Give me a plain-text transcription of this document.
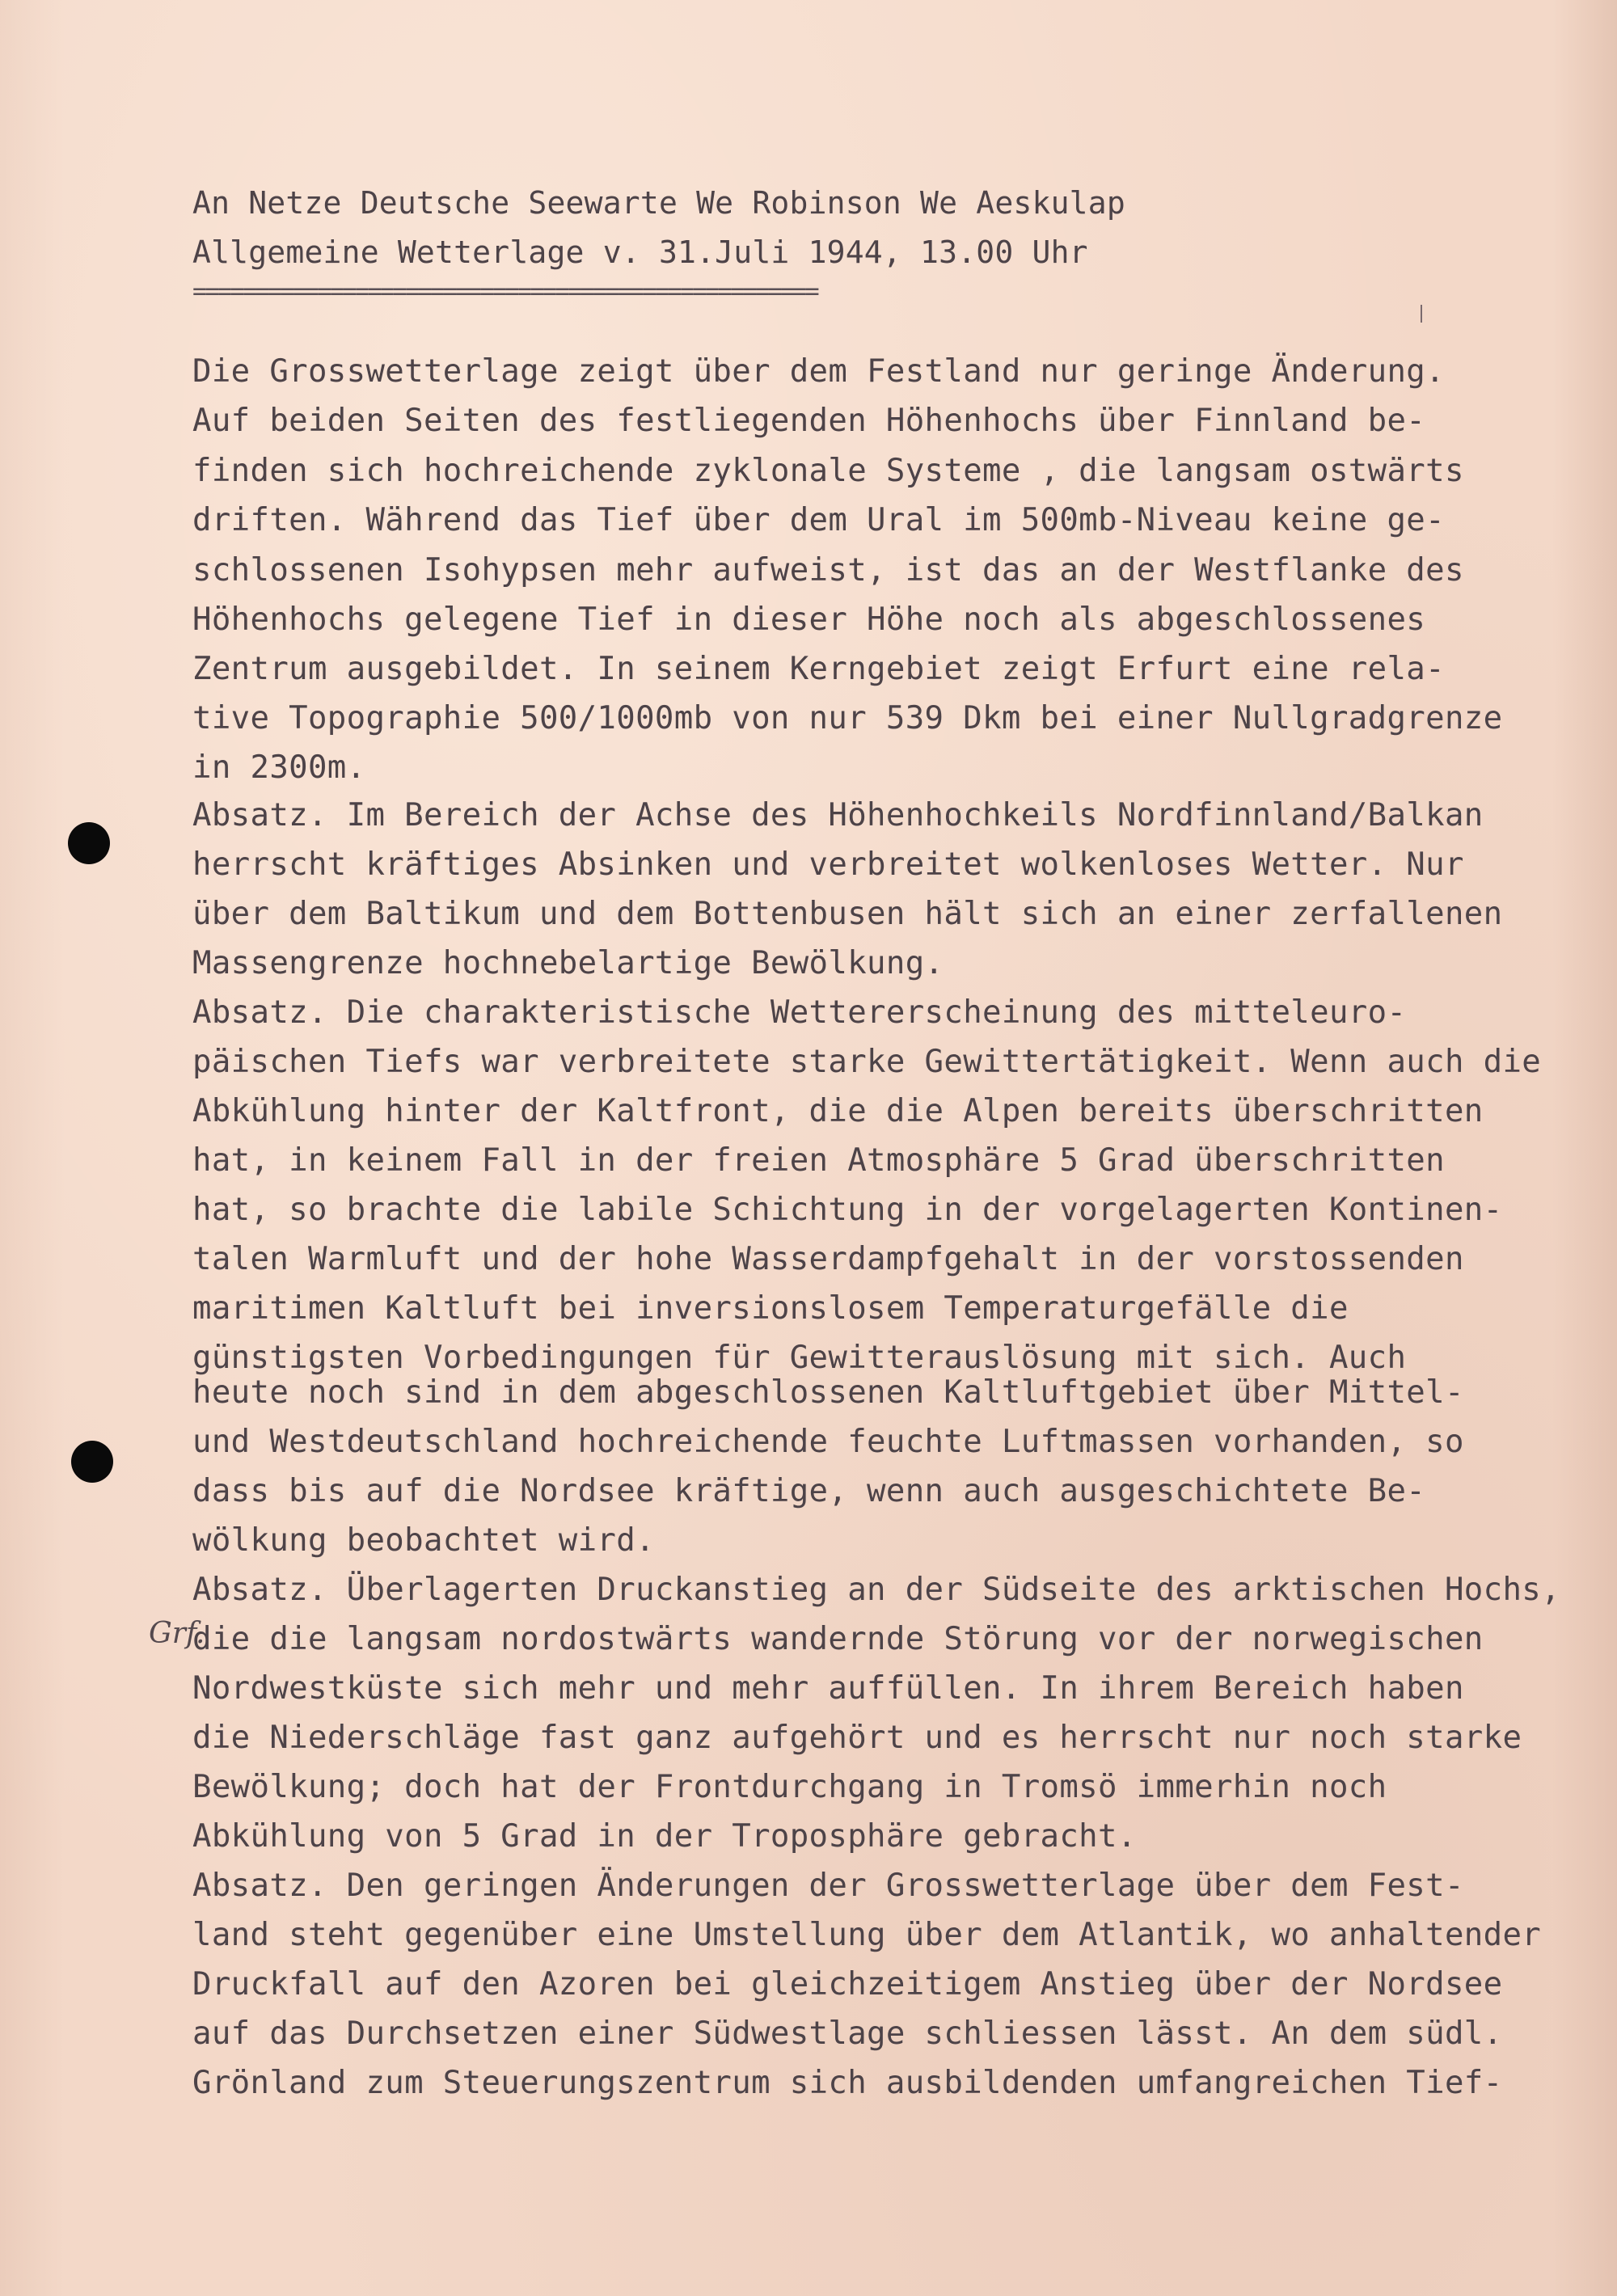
An Netze Deutsche Seewarte We Robinson We Aeskulap
Allgemeine Wetterlage v. 31.Juli 1944, 13.00 Uhr
==================================================
Grf.
Die Grosswetterlage zeigt über dem Festland nur geringe Änderung.
Auf beiden Seiten des festliegenden Höhenhochs über Finnland be-
finden sich hochreichende zyklonale Systeme , die langsam ostwärts
driften. Während das Tief über dem Ural im 500mb-Niveau keine ge-
schlossenen Isohypsen mehr aufweist, ist das an der Westflanke des
Höhenhochs gelegene Tief in dieser Höhe noch als abgeschlossenes
Zentrum ausgebildet. In seinem Kerngebiet zeigt Erfurt eine rela-
tive Topographie 500/1000mb von nur 539 Dkm bei einer Nullgradgrenze
in 2300m.
Absatz. Im Bereich der Achse des Höhenhochkeils Nordfinnland/Balkan
herrscht kräftiges Absinken und verbreitet wolkenloses Wetter. Nur
über dem Baltikum und dem Bottenbusen hält sich an einer zerfallenen
Massengrenze hochnebelartige Bewölkung.
Absatz. Die charakteristische Wettererscheinung des mitteleuro-
päischen Tiefs war verbreitete starke Gewittertätigkeit. Wenn auch die
Abkühlung hinter der Kaltfront, die die Alpen bereits überschritten
hat, in keinem Fall in der freien Atmosphäre 5 Grad überschritten
hat, so brachte die labile Schichtung in der vorgelagerten Kontinen-
talen Warmluft und der hohe Wasserdampfgehalt in der vorstossenden
maritimen Kaltluft bei inversionslosem Temperaturgefälle die
günstigsten Vorbedingungen für Gewitterauslösung mit sich. Auch
heute noch sind in dem abgeschlossenen Kaltluftgebiet über Mittel-
und Westdeutschland hochreichende feuchte Luftmassen vorhanden, so
dass bis auf die Nordsee kräftige, wenn auch ausgeschichtete Be-
wölkung beobachtet wird.
Absatz. Überlagerten Druckanstieg an der Südseite des arktischen Hochs,
die die langsam nordostwärts wandernde Störung vor der norwegischen
Nordwestküste sich mehr und mehr auffüllen. In ihrem Bereich haben
die Niederschläge fast ganz aufgehört und es herrscht nur noch starke
Bewölkung; doch hat der Frontdurchgang in Tromsö immerhin noch
Abkühlung von 5 Grad in der Troposphäre gebracht.
Absatz. Den geringen Änderungen der Grosswetterlage über dem Fest-
land steht gegenüber eine Umstellung über dem Atlantik, wo anhaltender
Druckfall auf den Azoren bei gleichzeitigem Anstieg über der Nordsee
auf das Durchsetzen einer Südwestlage schliessen lässt. An dem südl.
Grönland zum Steuerungszentrum sich ausbildenden umfangreichen Tief-
